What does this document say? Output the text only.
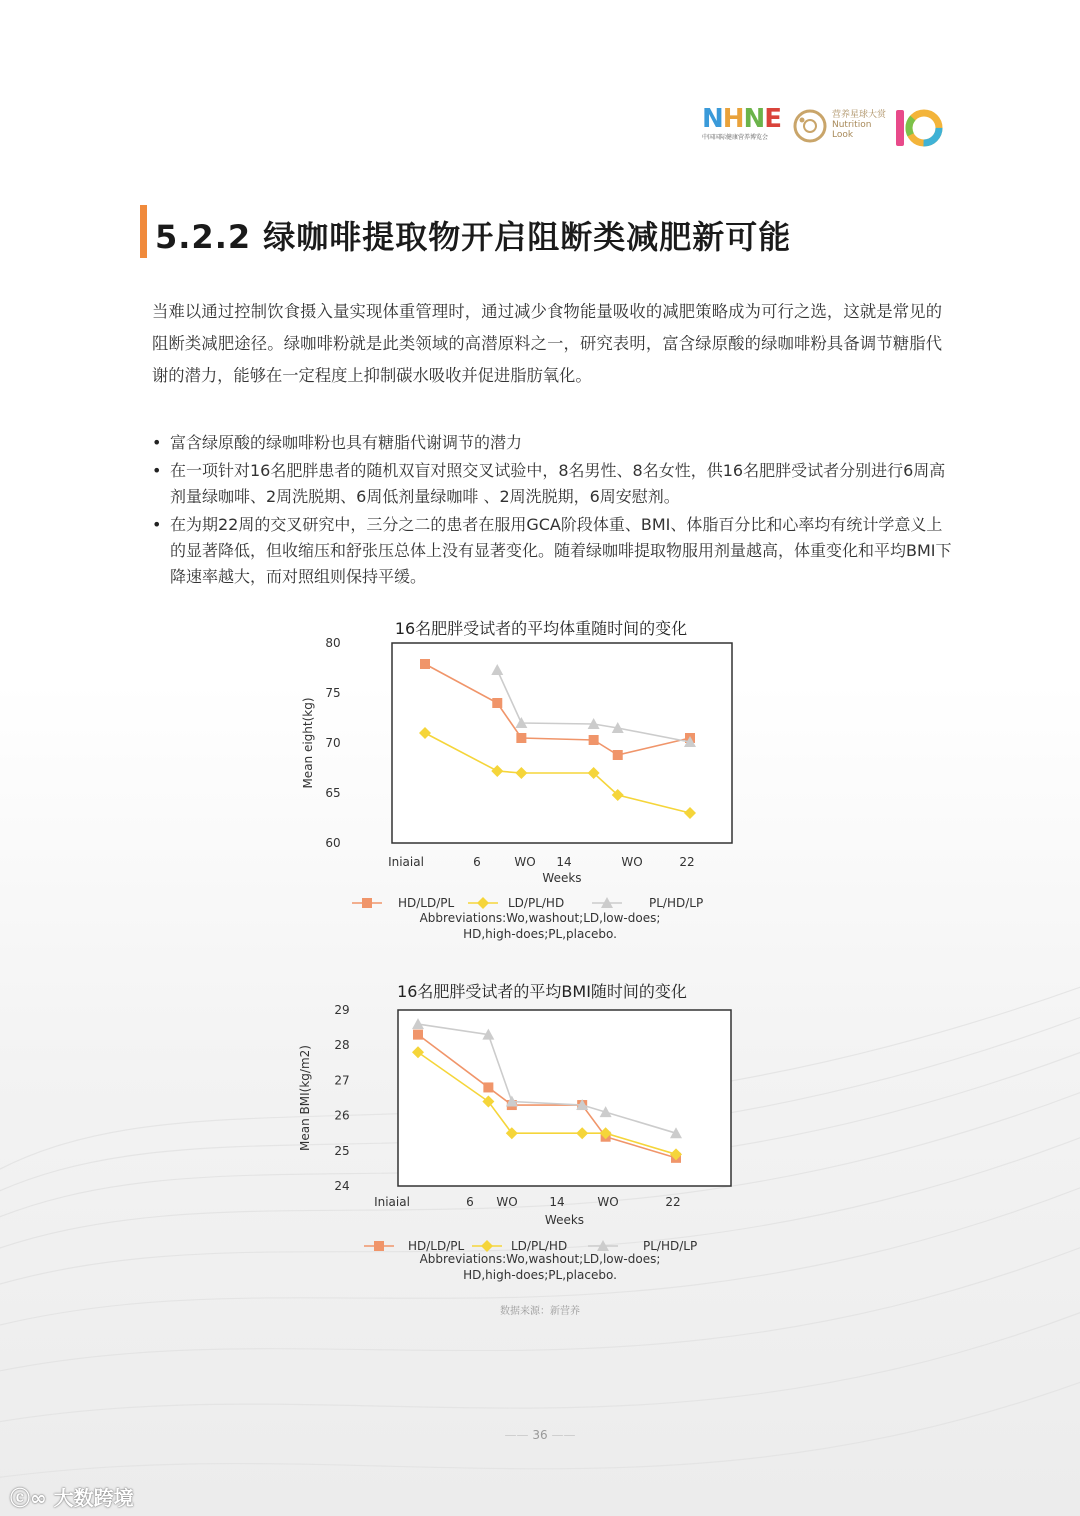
NHNE
中国国际健康营养博览会
营养星球大赏
Nutrition
Look
5.2.2 绿咖啡提取物开启阻断类减肥新可能
当难以通过控制饮食摄入量实现体重管理时，通过减少食物能量吸收的减肥策略成为可行之选，这就是常见的阻断类减肥途径。绿咖啡粉就是此类领域的高潜原料之一，研究表明，富含绿原酸的绿咖啡粉具备调节糖脂代谢的潜力，能够在一定程度上抑制碳水吸收并促进脂肪氧化。
• 富含绿原酸的绿咖啡粉也具有糖脂代谢调节的潜力
• 在一项针对16名肥胖患者的随机双盲对照交叉试验中，8名男性、8名女性，供16名肥胖受试者分别进行6周高剂量绿咖啡、2周洗脱期、6周低剂量绿咖啡 、2周洗脱期，6周安慰剂。
• 在为期22周的交叉研究中，三分之二的患者在服用GCA阶段体重、BMI、体脂百分比和心率均有统计学意义上的显著降低，但收缩压和舒张压总体上没有显著变化。随着绿咖啡提取物服用剂量越高，体重变化和平均BMI下降速率越大，而对照组则保持平缓。
16名肥胖受试者的平均体重随时间的变化
80
75
70
65
60
Mean eight(kg)
Iniaial	6	WO 14	WO	22
Weeks
HD/LD/PL	LD/PL/HD	PL/HD/LP
Abbreviations:Wo,washout;LD,low-does;
HD,high-does;PL,placebo.
16名肥胖受试者的平均BMI随时间的变化
29
28
27
26
25
24
Mean BMI(kg/m2)
Iniaial	6 WO	14	WO	22
Weeks
HD/LD/PL	LD/PL/HD	PL/HD/LP
Abbreviations:Wo,washout;LD,low-does;
HD,high-does;PL,placebo.
数据来源：新营养
—— 36 ——
ⓒ∞ 大数跨境
